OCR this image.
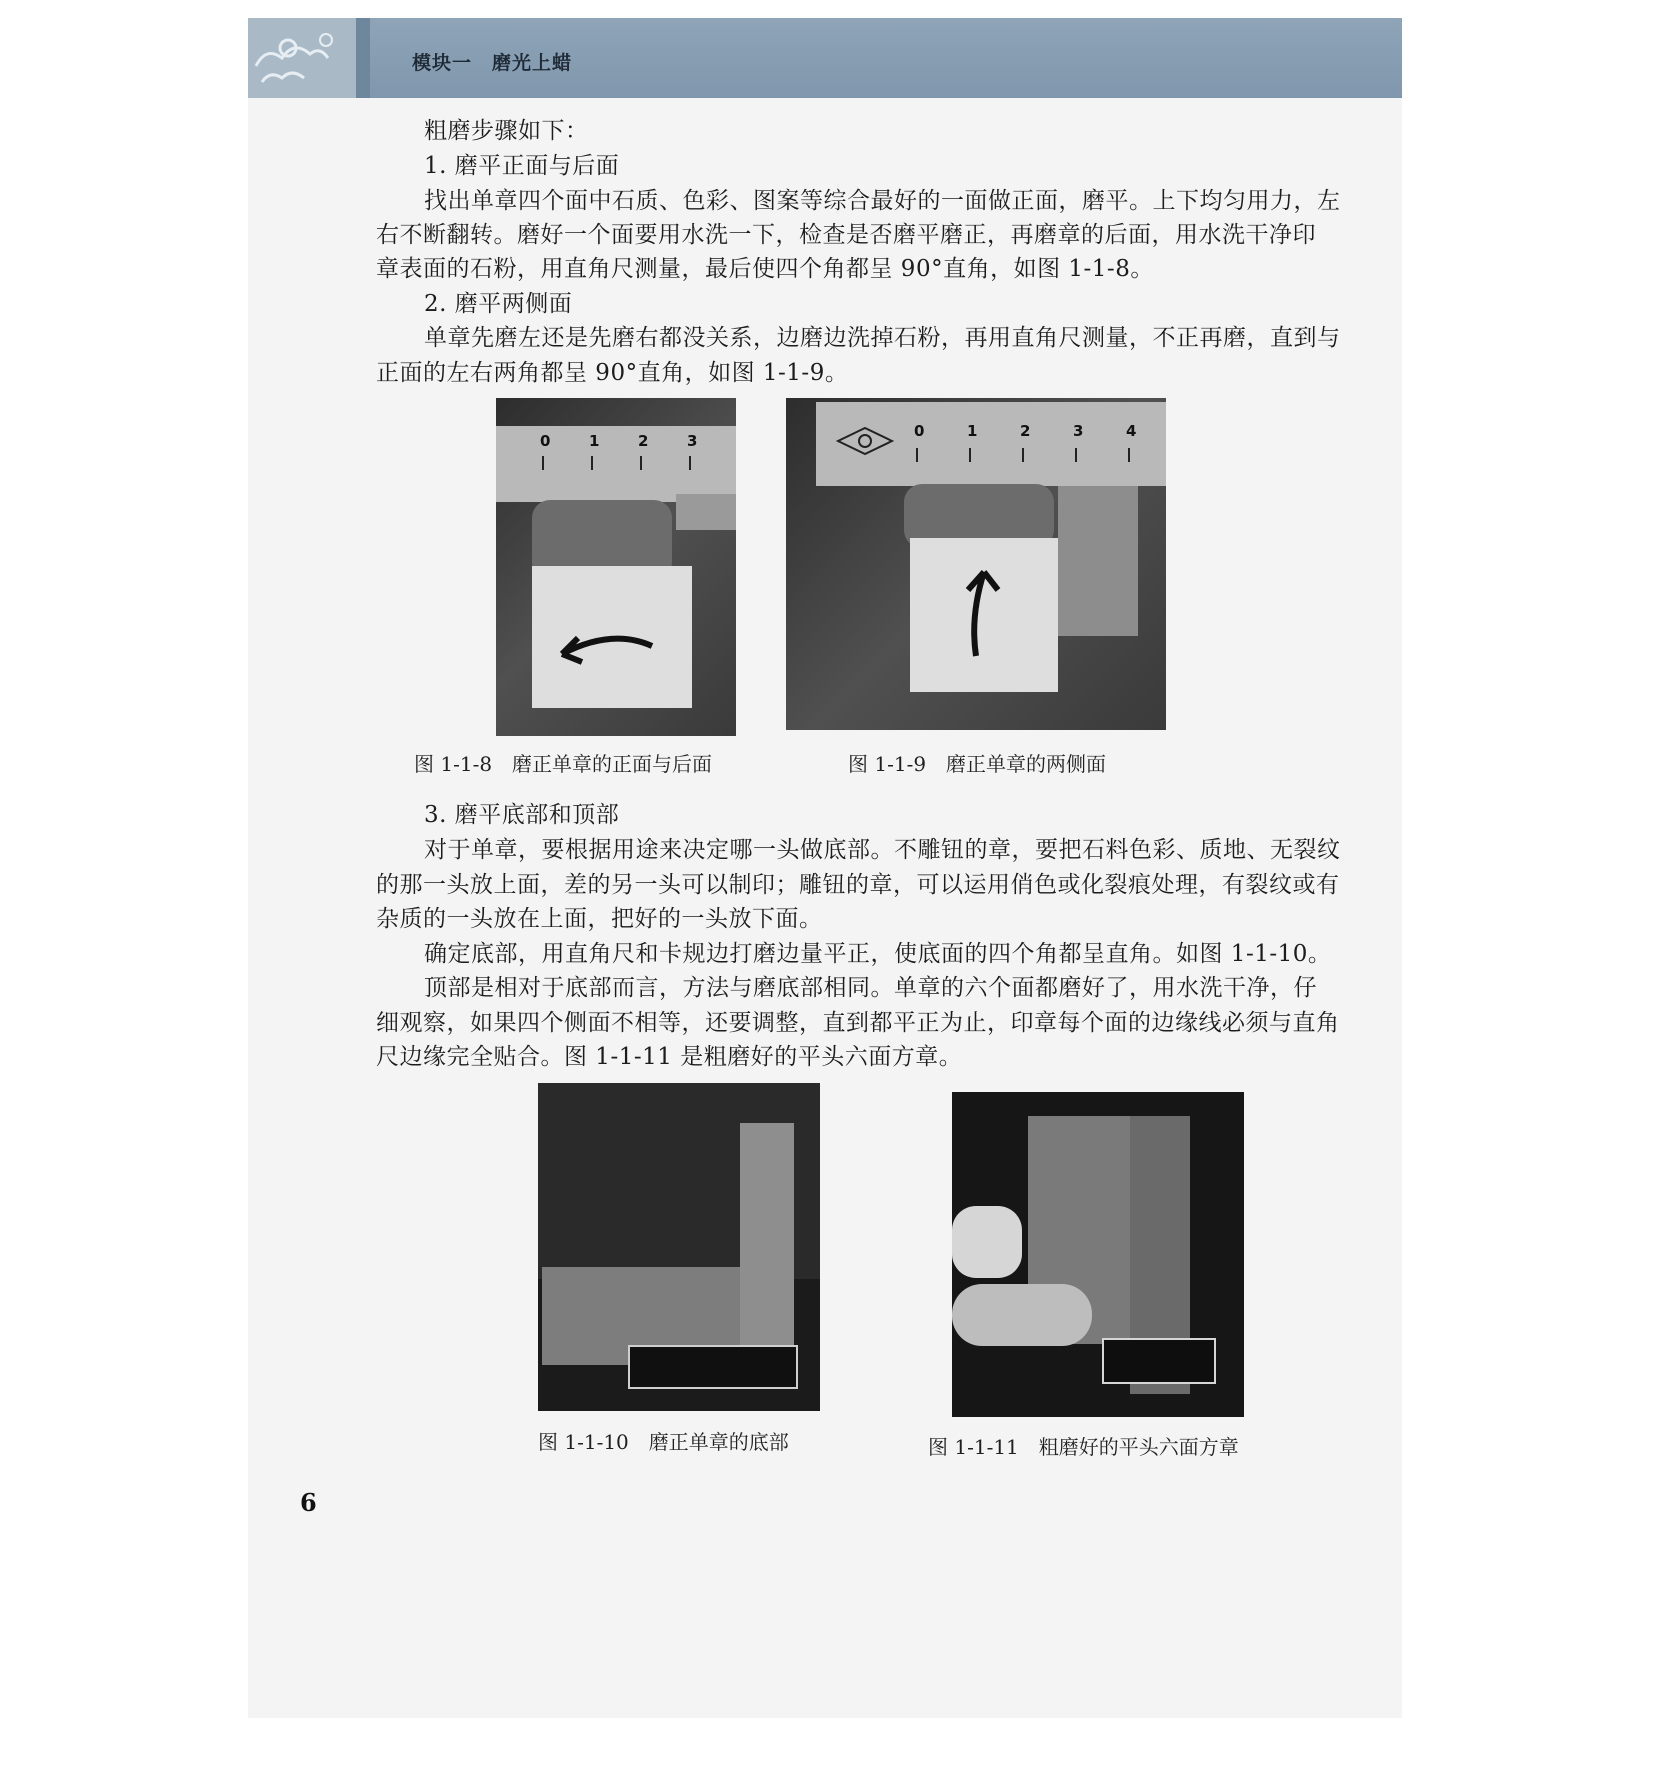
模块一　磨光上蜡
粗磨步骤如下：
1. 磨平正面与后面
找出单章四个面中石质、色彩、图案等综合最好的一面做正面，磨平。上下均匀用力，左
右不断翻转。磨好一个面要用水洗一下，检查是否磨平磨正，再磨章的后面，用水洗干净印
章表面的石粉，用直角尺测量，最后使四个角都呈 90°直角，如图 1-1-8。
2. 磨平两侧面
单章先磨左还是先磨右都没关系，边磨边洗掉石粉，再用直角尺测量，不正再磨，直到与
正面的左右两角都呈 90°直角，如图 1-1-9。
0	1	2	3
图 1-1-8　磨正单章的正面与后面
0	1	2	3	4
图 1-1-9　磨正单章的两侧面
3. 磨平底部和顶部
对于单章，要根据用途来决定哪一头做底部。不雕钮的章，要把石料色彩、质地、无裂纹
的那一头放上面，差的另一头可以制印；雕钮的章，可以运用俏色或化裂痕处理，有裂纹或有
杂质的一头放在上面，把好的一头放下面。
确定底部，用直角尺和卡规边打磨边量平正，使底面的四个角都呈直角。如图 1-1-10。
顶部是相对于底部而言，方法与磨底部相同。单章的六个面都磨好了，用水洗干净，仔
细观察，如果四个侧面不相等，还要调整，直到都平正为止，印章每个面的边缘线必须与直角
尺边缘完全贴合。图 1-1-11 是粗磨好的平头六面方章。
图 1-1-10　磨正单章的底部	图 1-1-11　粗磨好的平头六面方章
6
